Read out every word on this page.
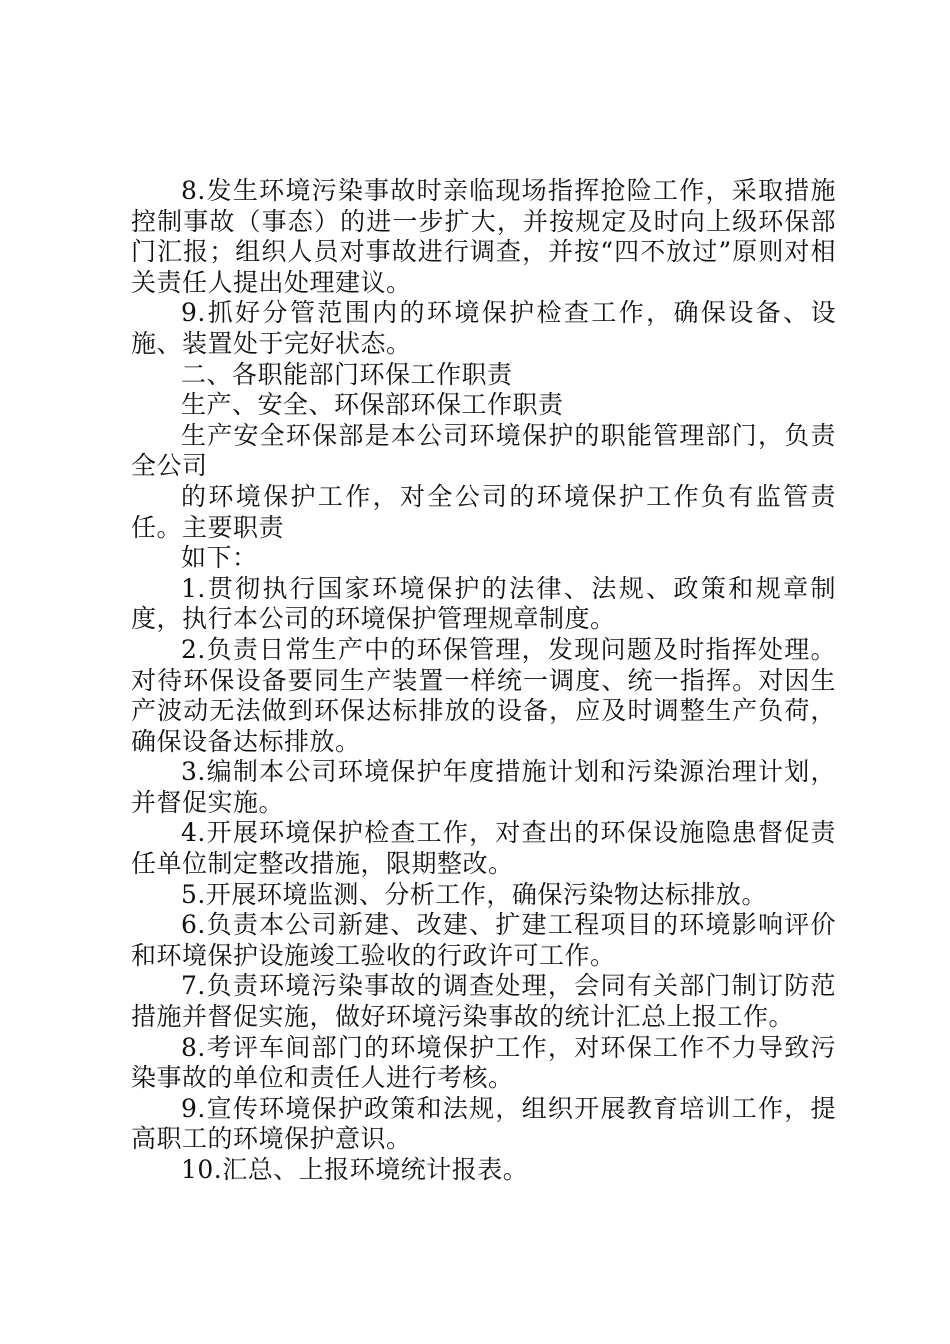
8.发生环境污染事故时亲临现场指挥抢险工作，采取措施控制事故（事态）的进一步扩大，并按规定及时向上级环保部门汇报；组织人员对事故进行调查，并按“四不放过”原则对相关责任人提出处理建议。

9.抓好分管范围内的环境保护检查工作，确保设备、设施、装置处于完好状态。

二、各职能部门环保工作职责

生产、安全、环保部环保工作职责

生产安全环保部是本公司环境保护的职能管理部门，负责全公司

的环境保护工作，对全公司的环境保护工作负有监管责任。主要职责

如下：

1.贯彻执行国家环境保护的法律、法规、政策和规章制度，执行本公司的环境保护管理规章制度。

2.负责日常生产中的环保管理，发现问题及时指挥处理。对待环保设备要同生产装置一样统一调度、统一指挥。对因生产波动无法做到环保达标排放的设备，应及时调整生产负荷，确保设备达标排放。

3.编制本公司环境保护年度措施计划和污染源治理计划，并督促实施。

4.开展环境保护检查工作，对查出的环保设施隐患督促责任单位制定整改措施，限期整改。

5.开展环境监测、分析工作，确保污染物达标排放。

6.负责本公司新建、改建、扩建工程项目的环境影响评价和环境保护设施竣工验收的行政许可工作。

7.负责环境污染事故的调查处理，会同有关部门制订防范措施并督促实施，做好环境污染事故的统计汇总上报工作。

8.考评车间部门的环境保护工作，对环保工作不力导致污染事故的单位和责任人进行考核。

9.宣传环境保护政策和法规，组织开展教育培训工作，提高职工的环境保护意识。

10.汇总、上报环境统计报表。
